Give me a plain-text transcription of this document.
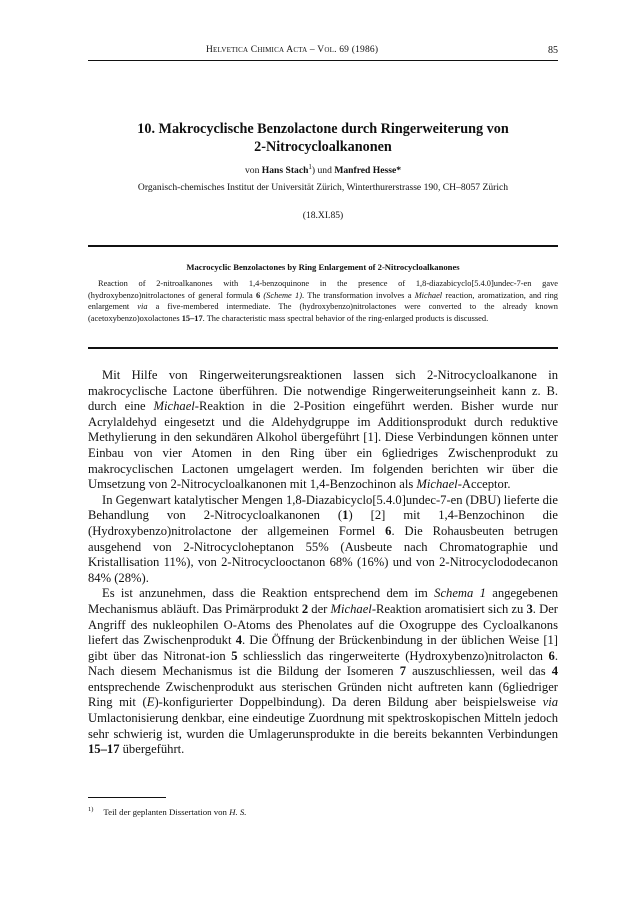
Helvetica Chimica Acta – Vol. 69 (1986)	85
10. Makrocyclische Benzolactone durch Ringerweiterung von
2-Nitrocycloalkanonen
von Hans Stach$^1$) und Manfred Hesse*
Organisch-chemisches Institut der Universität Zürich, Winterthurerstrasse 190, CH–8057 Zürich
(18.XI.85)
Macrocyclic Benzolactones by Ring Enlargement of 2-Nitrocycloalkanones
Reaction of 2-nitroalkanones with 1,4-benzoquinone in the presence of 1,8-diazabicyclo[5.4.0]undec-7-en gave (hydroxybenzo)nitrolactones of general formula 6 (Scheme 1). The transformation involves a Michael reaction, aromatization, and ring enlargement via a five-membered intermediate. The (hydroxybenzo)nitrolactones were converted to the already known (acetoxybenzo)oxolactones 15–17. The characteristic mass spectral behavior of the ring-enlarged products is discussed.

Mit Hilfe von Ringerweiterungsreaktionen lassen sich 2-Nitrocycloalkanone in makrocyclische Lactone überführen. Die notwendige Ringerweiterungseinheit kann z. B. durch eine Michael-Reaktion in die 2-Position eingeführt werden. Bisher wurde nur Acrylaldehyd eingesetzt und die Aldehydgruppe im Additionsprodukt durch reduktive Methylierung in den sekundären Alkohol übergeführt [1]. Diese Verbindungen können unter Einbau von vier Atomen in den Ring über ein 6gliedriges Zwischenprodukt zu makrocyclischen Lactonen umgelagert werden. Im folgenden berichten wir über die Umsetzung von 2-Nitrocycloalkanonen mit 1,4-Benzochinon als Michael-Acceptor.

In Gegenwart katalytischer Mengen 1,8-Diazabicyclo[5.4.0]undec-7-en (DBU) lieferte die Behandlung von 2-Nitrocycloalkanonen (1) [2] mit 1,4-Benzochinon die (Hydroxybenzo)nitrolactone der allgemeinen Formel 6. Die Rohausbeuten betrugen ausgehend von 2-Nitrocycloheptanon 55% (Ausbeute nach Chromatographie und Kristallisation 11%), von 2-Nitrocyclooctanon 68% (16%) und von 2-Nitrocyclododecanon 84% (28%).

Es ist anzunehmen, dass die Reaktion entsprechend dem im Schema 1 angegebenen Mechanismus abläuft. Das Primärprodukt 2 der Michael-Reaktion aromatisiert sich zu 3. Der Angriff des nukleophilen O-Atoms des Phenolates auf die Oxogruppe des Cycloalkanons liefert das Zwischenprodukt 4. Die Öffnung der Brückenbindung in der üblichen Weise [1] gibt über das Nitronat-ion 5 schliesslich das ringerweiterte (Hydroxybenzo)nitrolacton 6. Nach diesem Mechanismus ist die Bildung der Isomeren 7 auszuschliessen, weil das 4 entsprechende Zwischenprodukt aus sterischen Gründen nicht auftreten kann (6gliedriger Ring mit (E)-konfigurierter Doppelbindung). Da deren Bildung aber beispielsweise via Umlactonisierung denkbar, eine eindeutige Zuordnung mit spektroskopischen Mitteln jedoch sehr schwierig ist, wurden die Umlagerunsprodukte in die bereits bekannten Verbindungen 15–17 übergeführt.

$^{1)}$ Teil der geplanten Dissertation von H. S.
